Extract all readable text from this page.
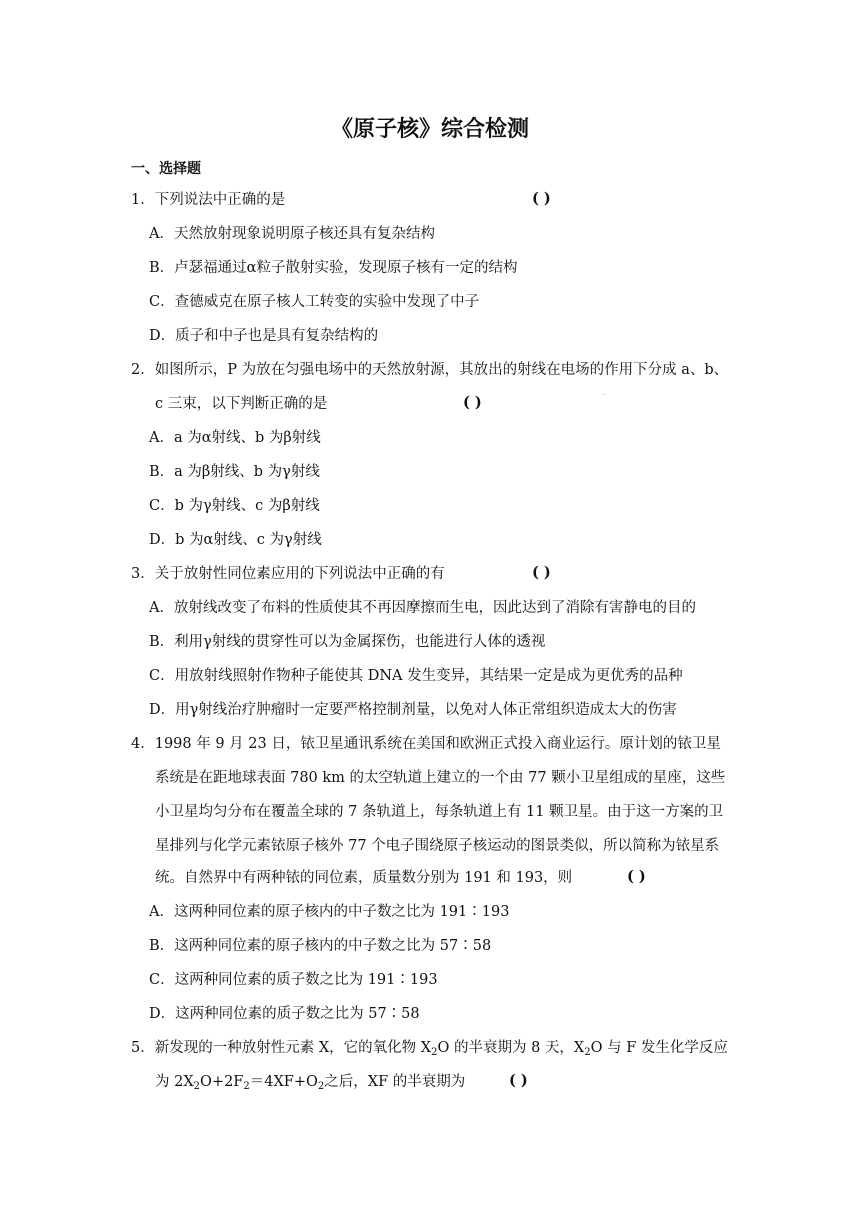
《原子核》综合检测
一、选择题
1．下列说法中正确的是	( )
A．天然放射现象说明原子核还具有复杂结构
B．卢瑟福通过α粒子散射实验，发现原子核有一定的结构
C．查德威克在原子核人工转变的实验中发现了中子
D．质子和中子也是具有复杂结构的
2．如图所示，P 为放在匀强电场中的天然放射源，其放出的射线在电场的作用下分成 a、b、
c 三束，以下判断正确的是	( )	·
A．a 为α射线、b 为β射线
B．a 为β射线、b 为γ射线
C．b 为γ射线、c 为β射线
D．b 为α射线、c 为γ射线
3．关于放射性同位素应用的下列说法中正确的有	( )
A．放射线改变了布料的性质使其不再因摩擦而生电，因此达到了消除有害静电的目的
B．利用γ射线的贯穿性可以为金属探伤，也能进行人体的透视
C．用放射线照射作物种子能使其 DNA 发生变异，其结果一定是成为更优秀的品种
D．用γ射线治疗肿瘤时一定要严格控制剂量，以免对人体正常组织造成太大的伤害
4．1998 年 9 月 23 日，铱卫星通讯系统在美国和欧洲正式投入商业运行。原计划的铱卫星
系统是在距地球表面 780 km 的太空轨道上建立的一个由 77 颗小卫星组成的星座，这些
小卫星均匀分布在覆盖全球的 7 条轨道上，每条轨道上有 11 颗卫星。由于这一方案的卫
星排列与化学元素铱原子核外 77 个电子围绕原子核运动的图景类似，所以简称为铱星系
统。自然界中有两种铱的同位素，质量数分别为 191 和 193，则	( )
A．这两种同位素的原子核内的中子数之比为 191∶193
B．这两种同位素的原子核内的中子数之比为 57∶58
C．这两种同位素的质子数之比为 191∶193
D．这两种同位素的质子数之比为 57∶58
5．新发现的一种放射性元素 X，它的氧化物 $X_2O$ 的半衰期为 8 天，$X_2O$ 与 F 发生化学反应
为 $2X_2O+2F_2=4XF+O_2$之后，XF 的半衰期为	( )
